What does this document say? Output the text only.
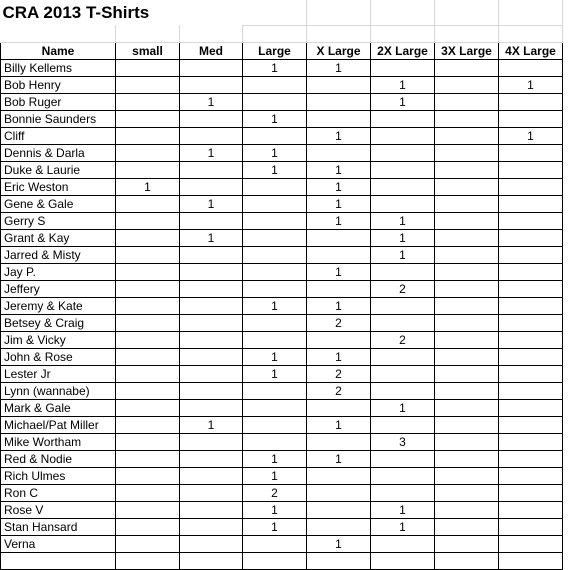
CRA 2013 T-Shirts							

Name	small	Med	Large	X Large	2X Large	3X Large	4X Large
Billy Kellems			1	1			
Bob Henry					1		1
Bob Ruger		1			1		
Bonnie Saunders			1				
Cliff				1			1
Dennis & Darla		1	1				
Duke & Laurie			1	1			
Eric Weston	1			1			
Gene & Gale		1		1			
Gerry S				1	1		
Grant & Kay		1			1		
Jarred & Misty					1		
Jay P.				1			
Jeffery					2		
Jeremy & Kate			1	1			
Betsey & Craig				2			
Jim & Vicky					2		
John & Rose			1	1			
Lester Jr			1	2			
Lynn (wannabe)				2			
Mark & Gale					1		
Michael/Pat Miller		1		1			
Mike Wortham					3		
Red & Nodie			1	1			
Rich Ulmes			1				
Ron C			2				
Rose V			1		1		
Stan Hansard			1		1		
Verna				1			
